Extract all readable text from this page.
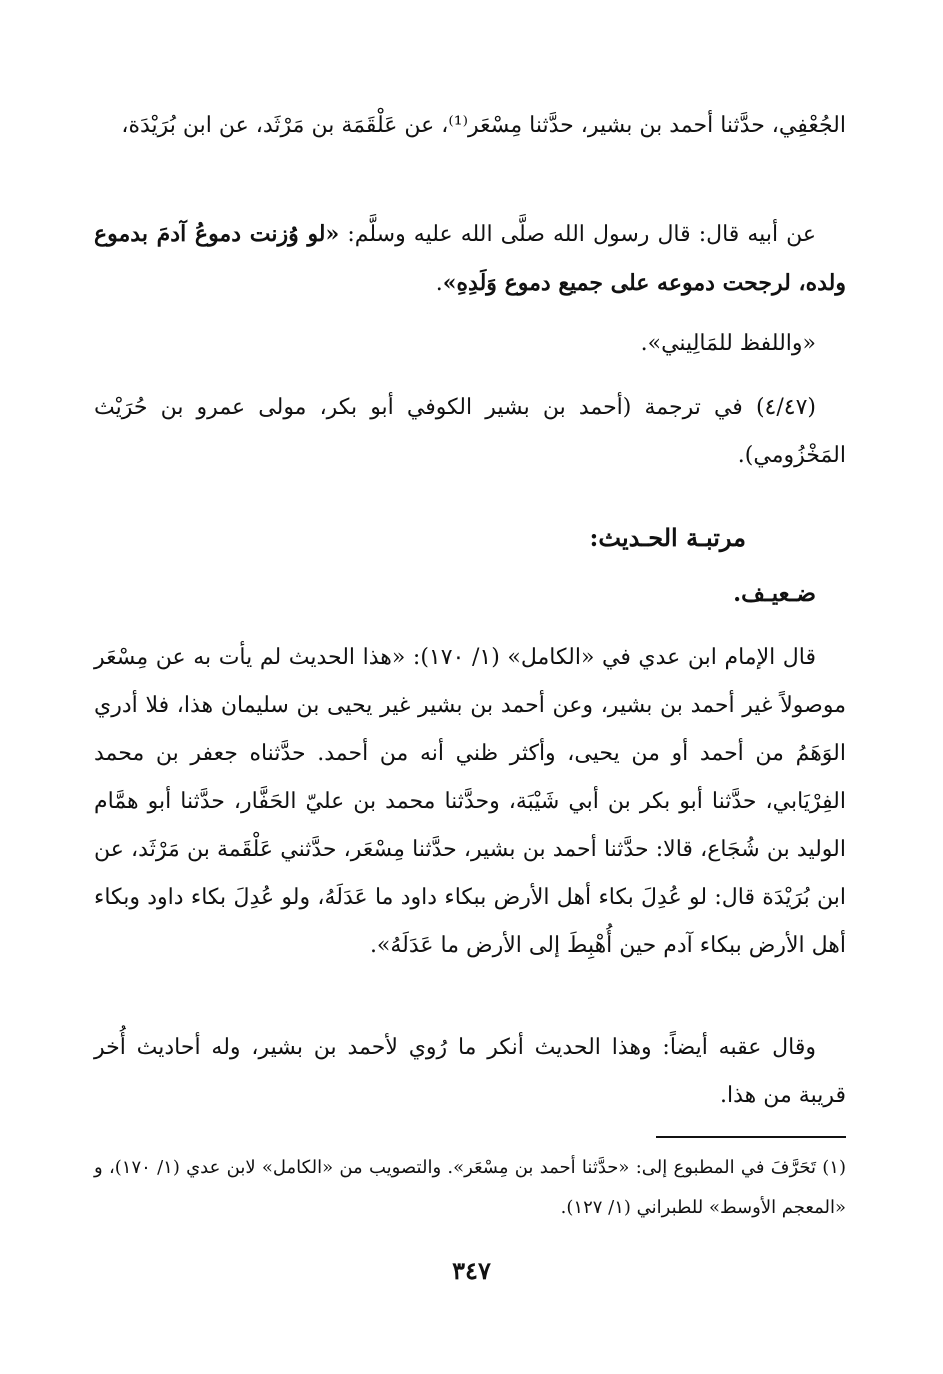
الجُعْفِي، حدَّثنا أحمد بن بشير، حدَّثنا مِسْعَر⁽¹⁾، عن عَلْقَمَة بن مَرْثَد، عن ابن بُرَيْدَة،
عن أبيه قال: قال رسول الله صلَّى الله عليه وسلَّم: «لو وُزنت دموعُ آدمَ بدموع ولده، لرجحت دموعه على جميع دموع وَلَدِهِ».
«واللفظ للمَالِيني».
(٤/٤٧) في ترجمة (أحمد بن بشير الكوفي أبو بكر، مولى عمرو بن حُرَيْث المَخْزُومي).
مرتبـة الحـديث:
ضـعيـف.
قال الإمام ابن عدي في «الكامل» (١/ ١٧٠): «هذا الحديث لم يأت به عن مِسْعَر موصولاً غير أحمد بن بشير، وعن أحمد بن بشير غير يحيى بن سليمان هذا، فلا أدري الوَهَمُ من أحمد أو من يحيى، وأكثر ظني أنه من أحمد. حدَّثناه جعفر بن محمد الفِرْيَابي، حدَّثنا أبو بكر بن أبي شَيْبَة، وحدَّثنا محمد بن عليّ الحَفَّار، حدَّثنا أبو همَّام الوليد بن شُجَاع، قالا: حدَّثنا أحمد بن بشير، حدَّثنا مِسْعَر، حدَّثني عَلْقَمة بن مَرْثَد، عن ابن بُرَيْدَة قال: لو عُدِلَ بكاء أهل الأرض ببكاء داود ما عَدَلَهُ، ولو عُدِلَ بكاء داود وبكاء أهل الأرض ببكاء آدم حين أُهْبِطَ إلى الأرض ما عَدَلَهُ».
وقال عقبه أيضاً: وهذا الحديث أنكر ما رُوي لأحمد بن بشير، وله أحاديث أُخر قريبة من هذا.
(١) تَحَرَّفَ في المطبوع إلى: «حدَّثنا أحمد بن مِسْعَر». والتصويب من «الكامل» لابن عدي (١/ ١٧٠)، و «المعجم الأوسط» للطبراني (١/ ١٢٧).
٣٤٧
